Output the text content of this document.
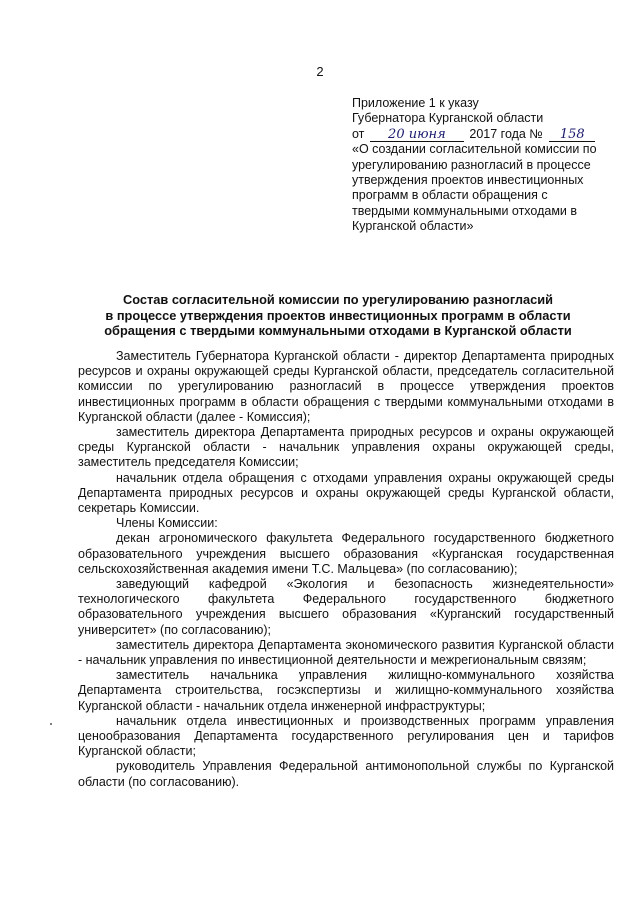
2
Приложение 1 к указу
Губернатора Курганской области
от 20 июня 2017 года № 158
«О создании согласительной комиссии по
урегулированию разногласий в процессе
утверждения проектов инвестиционных
программ в области обращения с
твердыми коммунальными отходами в
Курганской области»
Состав согласительной комиссии по урегулированию разногласий
в процессе утверждения проектов инвестиционных программ в области
обращения с твердыми коммунальными отходами в Курганской области

Заместитель Губернатора Курганской области - директор Департамента природных ресурсов и охраны окружающей среды Курганской области, председатель согласительной комиссии по урегулированию разногласий в процессе утверждения проектов инвестиционных программ в области обращения с твердыми коммунальными отходами в Курганской области (далее - Комиссия);

заместитель директора Департамента природных ресурсов и охраны окружающей среды Курганской области - начальник управления охраны окружающей среды, заместитель председателя Комиссии;

начальник отдела обращения с отходами управления охраны окружающей среды Департамента природных ресурсов и охраны окружающей среды Курганской области, секретарь Комиссии.

Члены Комиссии:

декан агрономического факультета Федерального государственного бюджетного образовательного учреждения высшего образования «Курганская государственная сельскохозяйственная академия имени Т.С. Мальцева» (по согласованию);

заведующий кафедрой «Экология и безопасность жизнедеятельности» технологического факультета Федерального государственного бюджетного образовательного учреждения высшего образования «Курганский государственный университет» (по согласованию);

заместитель директора Департамента экономического развития Курганской области - начальник управления по инвестиционной деятельности и межрегиональным связям;

заместитель начальника управления жилищно-коммунального хозяйства Департамента строительства, госэкспертизы и жилищно-коммунального хозяйства Курганской области - начальник отдела инженерной инфраструктуры;

начальник отдела инвестиционных и производственных программ управления ценообразования Департамента государственного регулирования цен и тарифов Курганской области;

руководитель Управления Федеральной антимонопольной службы по Курганской области (по согласованию).
